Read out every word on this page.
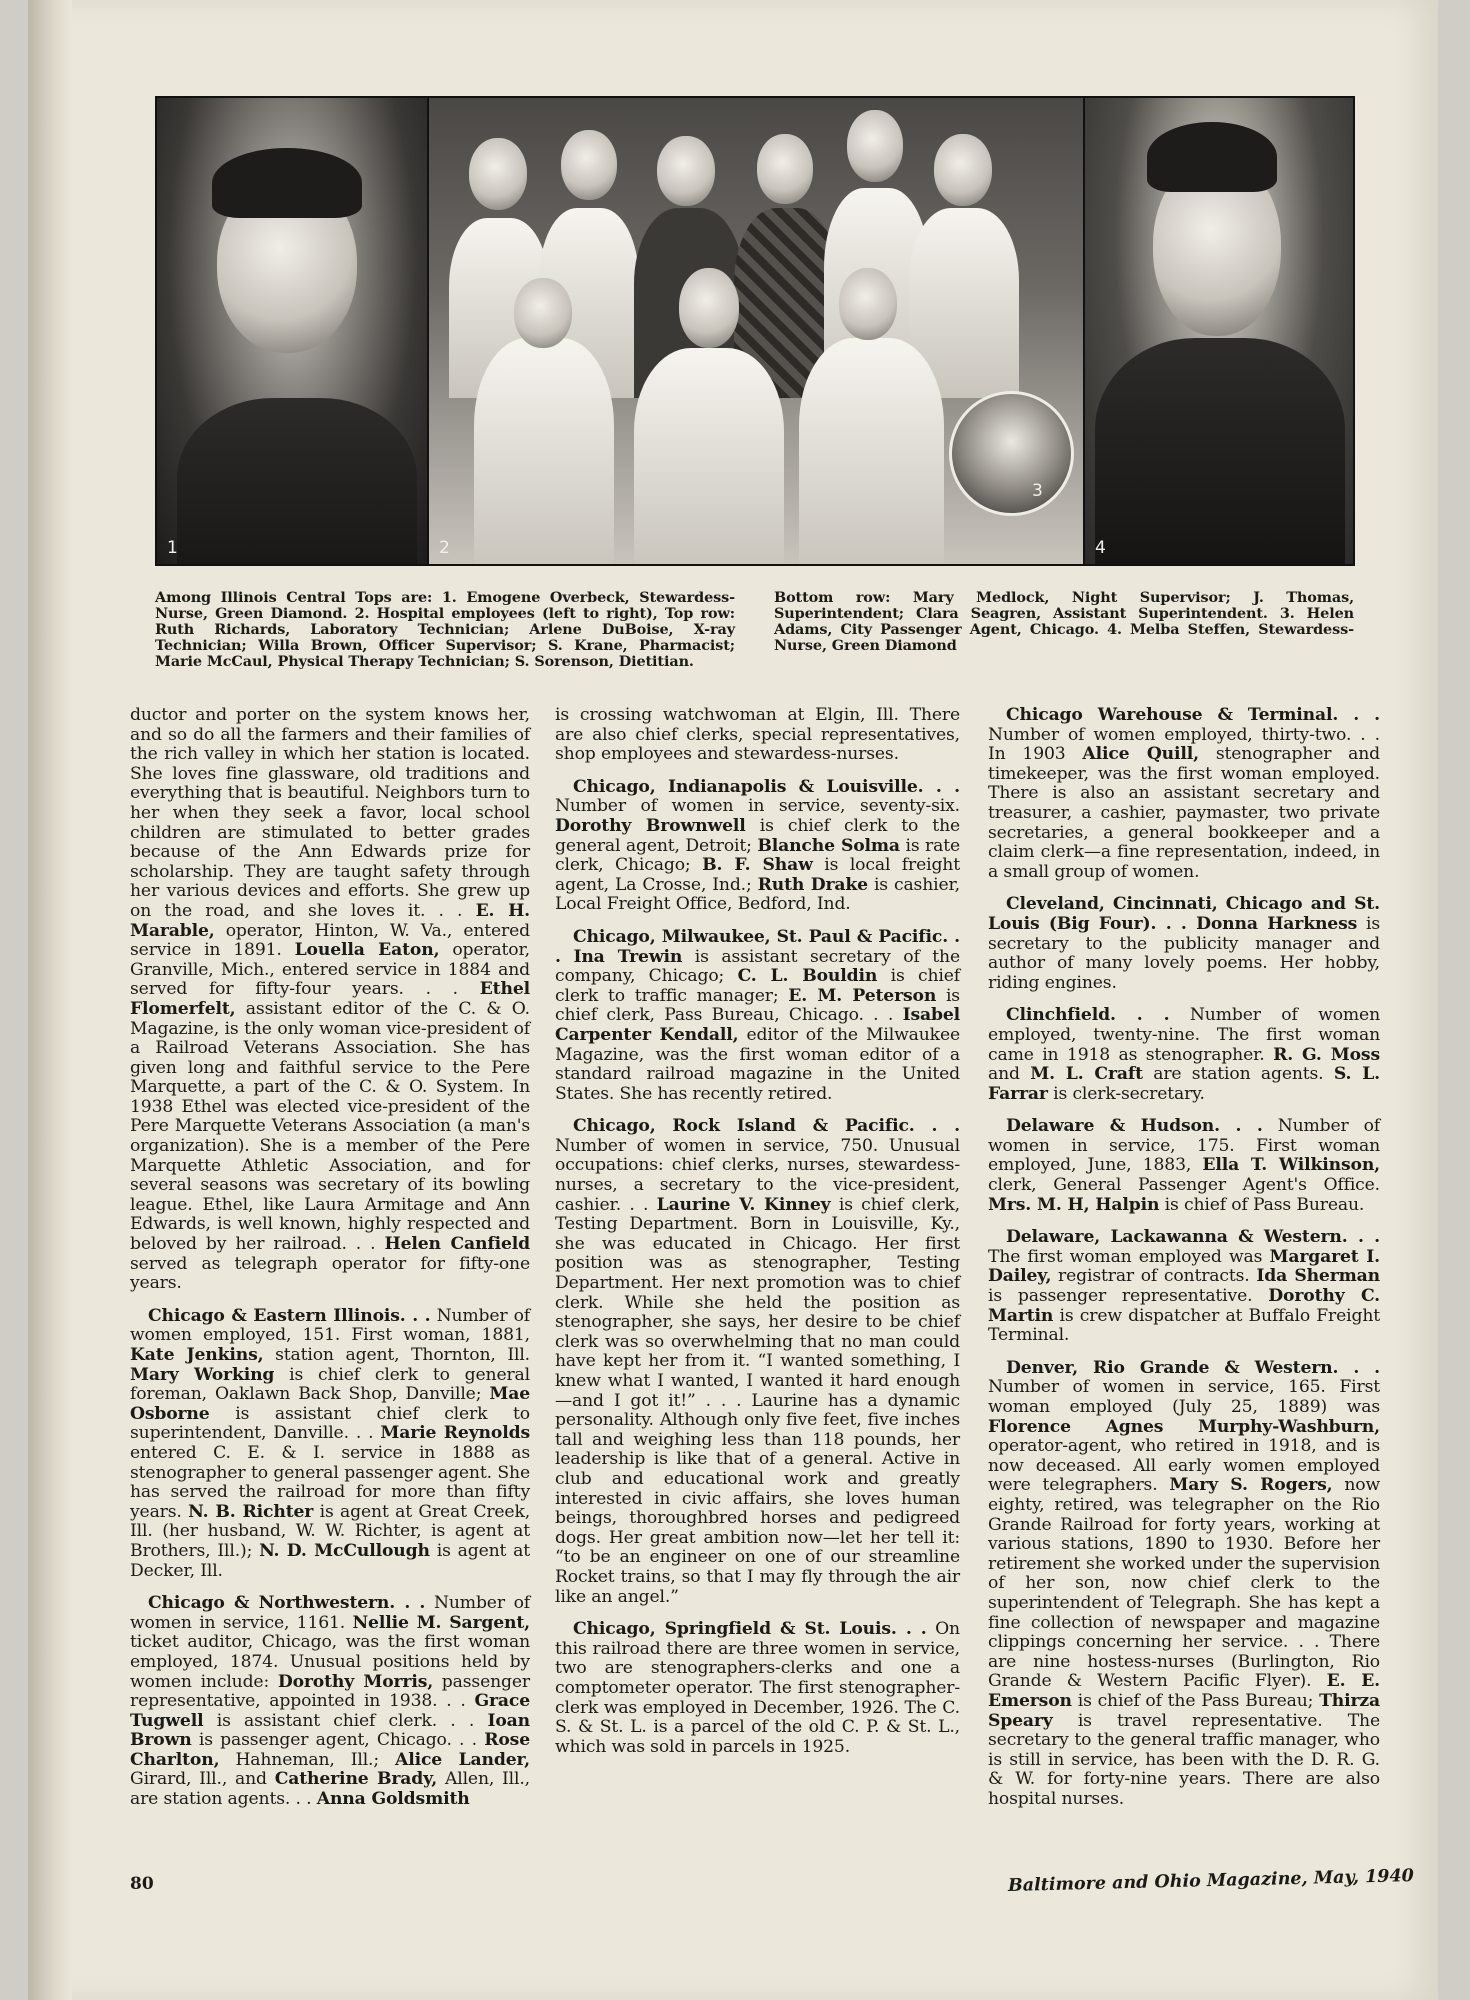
1
3
2	4
Among Illinois Central Tops are: 1. Emogene Overbeck, Stewardess-Nurse, Green Diamond. 2. Hospital employees (left to right), Top row: Ruth Richards, Laboratory Technician; Arlene DuBoise, X-ray Technician; Willa Brown, Officer Supervisor; S. Krane, Pharmacist; Marie McCaul, Physical Therapy Technician; S. Sorenson, Dietitian.
Bottom row: Mary Medlock, Night Supervisor; J. Thomas, Superintendent; Clara Seagren, Assistant Superintendent. 3. Helen Adams, City Passenger Agent, Chicago. 4. Melba Steffen, Stewardess-Nurse, Green Diamond

ductor and porter on the system knows her, and so do all the farmers and their families of the rich valley in which her station is located. She loves fine glassware, old traditions and everything that is beautiful. Neighbors turn to her when they seek a favor, local school children are stimulated to better grades because of the Ann Edwards prize for scholarship. They are taught safety through her various devices and efforts. She grew up on the road, and she loves it. . . E. H. Marable, operator, Hinton, W. Va., entered service in 1891. Louella Eaton, operator, Granville, Mich., entered service in 1884 and served for fifty-four years. . . Ethel Flomerfelt, assistant editor of the C. & O. Magazine, is the only woman vice-president of a Railroad Veterans Association. She has given long and faithful service to the Pere Marquette, a part of the C. & O. System. In 1938 Ethel was elected vice-president of the Pere Marquette Veterans Association (a man's organization). She is a member of the Pere Marquette Athletic Association, and for several seasons was secretary of its bowling league. Ethel, like Laura Armitage and Ann Edwards, is well known, highly respected and beloved by her railroad. . . Helen Canfield served as telegraph operator for fifty-one years.

Chicago & Eastern Illinois. . . Number of women employed, 151. First woman, 1881, Kate Jenkins, station agent, Thornton, Ill. Mary Working is chief clerk to general foreman, Oaklawn Back Shop, Danville; Mae Osborne is assistant chief clerk to superintendent, Danville. . . Marie Reynolds entered C. E. & I. service in 1888 as stenographer to general passenger agent. She has served the railroad for more than fifty years. N. B. Richter is agent at Great Creek, Ill. (her husband, W. W. Richter, is agent at Brothers, Ill.); N. D. McCullough is agent at Decker, Ill.

Chicago & Northwestern. . . Number of women in service, 1161. Nellie M. Sargent, ticket auditor, Chicago, was the first woman employed, 1874. Unusual positions held by women include: Dorothy Morris, passenger representative, appointed in 1938. . . Grace Tugwell is assistant chief clerk. . . Ioan Brown is passenger agent, Chicago. . . Rose Charlton, Hahneman, Ill.; Alice Lander, Girard, Ill., and Catherine Brady, Allen, Ill., are station agents. . . Anna Goldsmith

is crossing watchwoman at Elgin, Ill. There are also chief clerks, special representatives, shop employees and stewardess-nurses.

Chicago, Indianapolis & Louisville. . . Number of women in service, seventy-six. Dorothy Brownwell is chief clerk to the general agent, Detroit; Blanche Solma is rate clerk, Chicago; B. F. Shaw is local freight agent, La Crosse, Ind.; Ruth Drake is cashier, Local Freight Office, Bedford, Ind.

Chicago, Milwaukee, St. Paul & Pacific. . . Ina Trewin is assistant secretary of the company, Chicago; C. L. Bouldin is chief clerk to traffic manager; E. M. Peterson is chief clerk, Pass Bureau, Chicago. . . Isabel Carpenter Kendall, editor of the Milwaukee Magazine, was the first woman editor of a standard railroad magazine in the United States. She has recently retired.

Chicago, Rock Island & Pacific. . . Number of women in service, 750. Unusual occupations: chief clerks, nurses, stewardess-nurses, a secretary to the vice-president, cashier. . . Laurine V. Kinney is chief clerk, Testing Department. Born in Louisville, Ky., she was educated in Chicago. Her first position was as stenographer, Testing Department. Her next promotion was to chief clerk. While she held the position as stenographer, she says, her desire to be chief clerk was so overwhelming that no man could have kept her from it. “I wanted something, I knew what I wanted, I wanted it hard enough—and I got it!” . . . Laurine has a dynamic personality. Although only five feet, five inches tall and weighing less than 118 pounds, her leadership is like that of a general. Active in club and educational work and greatly interested in civic affairs, she loves human beings, thoroughbred horses and pedigreed dogs. Her great ambition now—let her tell it: “to be an engineer on one of our streamline Rocket trains, so that I may fly through the air like an angel.”

Chicago, Springfield & St. Louis. . . On this railroad there are three women in service, two are stenographers-clerks and one a comptometer operator. The first stenographer-clerk was employed in December, 1926. The C. S. & St. L. is a parcel of the old C. P. & St. L., which was sold in parcels in 1925.

Chicago Warehouse & Terminal. . . Number of women employed, thirty-two. . . In 1903 Alice Quill, stenographer and timekeeper, was the first woman employed. There is also an assistant secretary and treasurer, a cashier, paymaster, two private secretaries, a general bookkeeper and a claim clerk—a fine representation, indeed, in a small group of women.

Cleveland, Cincinnati, Chicago and St. Louis (Big Four). . . Donna Harkness is secretary to the publicity manager and author of many lovely poems. Her hobby, riding engines.

Clinchfield. . . Number of women employed, twenty-nine. The first woman came in 1918 as stenographer. R. G. Moss and M. L. Craft are station agents. S. L. Farrar is clerk-secretary.

Delaware & Hudson. . . Number of women in service, 175. First woman employed, June, 1883, Ella T. Wilkinson, clerk, General Passenger Agent's Office. Mrs. M. H, Halpin is chief of Pass Bureau.

Delaware, Lackawanna & Western. . . The first woman employed was Margaret I. Dailey, registrar of contracts. Ida Sherman is passenger representative. Dorothy C. Martin is crew dispatcher at Buffalo Freight Terminal.

Denver, Rio Grande & Western. . . Number of women in service, 165. First woman employed (July 25, 1889) was Florence Agnes Murphy-Washburn, operator-agent, who retired in 1918, and is now deceased. All early women employed were telegraphers. Mary S. Rogers, now eighty, retired, was telegrapher on the Rio Grande Railroad for forty years, working at various stations, 1890 to 1930. Before her retirement she worked under the supervision of her son, now chief clerk to the superintendent of Telegraph. She has kept a fine collection of newspaper and magazine clippings concerning her service. . . There are nine hostess-nurses (Burlington, Rio Grande & Western Pacific Flyer). E. E. Emerson is chief of the Pass Bureau; Thirza Speary is travel representative. The secretary to the general traffic manager, who is still in service, has been with the D. R. G. & W. for forty-nine years. There are also hospital nurses.

80	Baltimore and Ohio Magazine, May, 1940
